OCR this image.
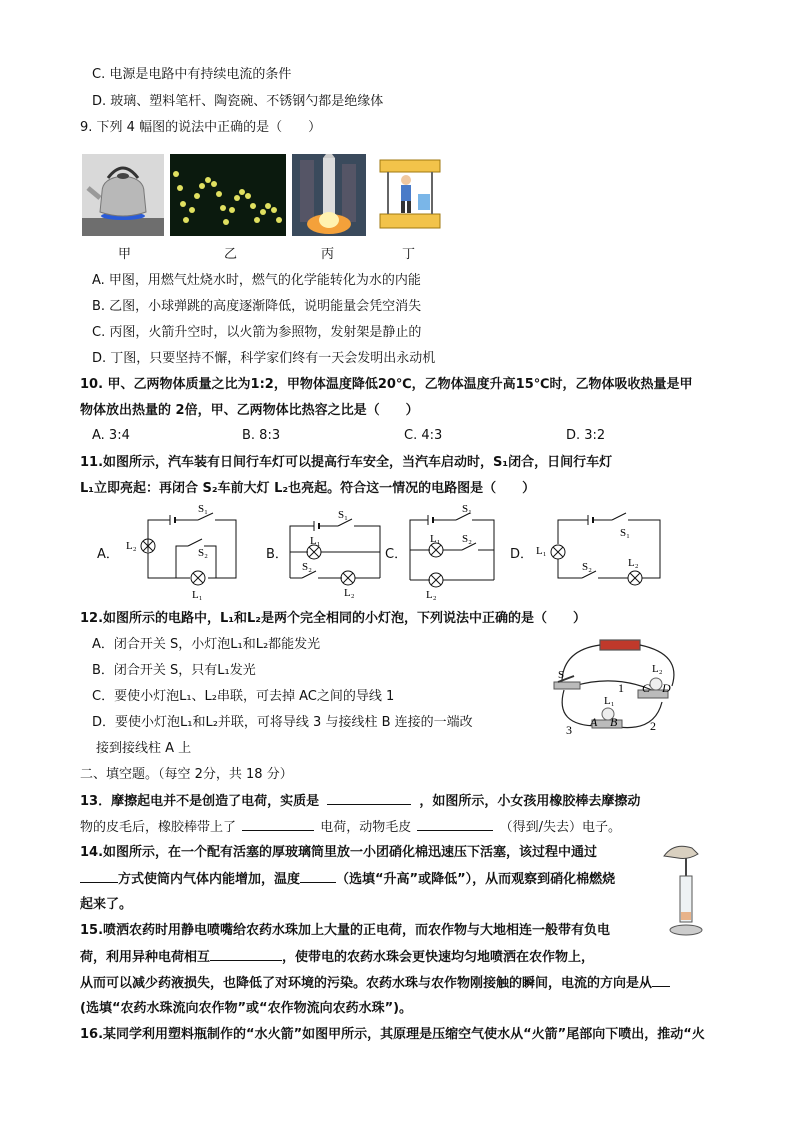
C. 电源是电路中有持续电流的条件
D. 玻璃、塑料笔杆、陶瓷碗、不锈钢勺都是绝缘体
9. 下列 4 幅图的说法中正确的是（　　）
甲	乙	丙	丁
A. 甲图，用燃气灶烧水时，燃气的化学能转化为水的内能
B. 乙图，小球弹跳的高度逐渐降低，说明能量会凭空消失
C. 丙图，火箭升空时，以火箭为参照物，发射架是静止的
D. 丁图，只要坚持不懈，科学家们终有一天会发明出永动机
10. 甲、乙两物体质量之比为1:2，甲物体温度降低20℃，乙物体温度升高15℃时，乙物体吸收热量是甲
物体放出热量的 2倍，甲、乙两物体比热容之比是（　　）
A. 3:4	B. 8:3	C. 4:3	D. 3:2
11.如图所示，汽车装有日间行车灯可以提高行车安全，当汽车启动时，S₁闭合，日间行车灯
L₁立即亮起：再闭合 S₂车前大灯 L₂也亮起。符合这一情况的电路图是（　　）
A．	B．	C．	D．
L₂
S₁
S₂
L₁
S₁
L₁
S₂
L₂
S₁
L₁ S₂
L₂
L₁
S₁
S₂	L₂
12.如图所示的电路中，L₁和L₂是两个完全相同的小灯泡，下列说法中正确的是（　　）
A．闭合开关 S，小灯泡L₁和L₂都能发光
B．闭合开关 S，只有L₁发光
C．要使小灯泡L₁、L₂串联，可去掉 AC之间的导线 1
D．要使小灯泡L₁和L₂并联，可将导线 3 与接线柱 B 连接的一端改
接到接线柱 A 上
S	L₂
L₁
1
2
3
A B
C D
二、填空题。（每空 2分，共 18 分）
13．摩擦起电并不是创造了电荷，实质是	，如图所示，小女孩用橡胶棒去摩擦动
物的皮毛后，橡胶棒带上了	电荷，动物毛皮	（得到/失去）电子。
14.如图所示，在一个配有活塞的厚玻璃筒里放一小团硝化棉迅速压下活塞，该过程中通过
方式使筒内气体内能增加，温度	（选填“升高”或降低”），从而观察到硝化棉燃烧
起来了。
15.喷洒农药时用静电喷嘴给农药水珠加上大量的正电荷，而农作物与大地相连一般带有负电
荷，利用异种电荷相互	，使带电的农药水珠会更快速均匀地喷洒在农作物上，
从而可以减少药液损失，也降低了对环境的污染。农药水珠与农作物刚接触的瞬间，电流的方向是从
(选填“农药水珠流向农作物”或“农作物流向农药水珠”)。
16.某同学利用塑料瓶制作的“水火箭”如图甲所示，其原理是压缩空气使水从“火箭”尾部向下喷出，推动“火
